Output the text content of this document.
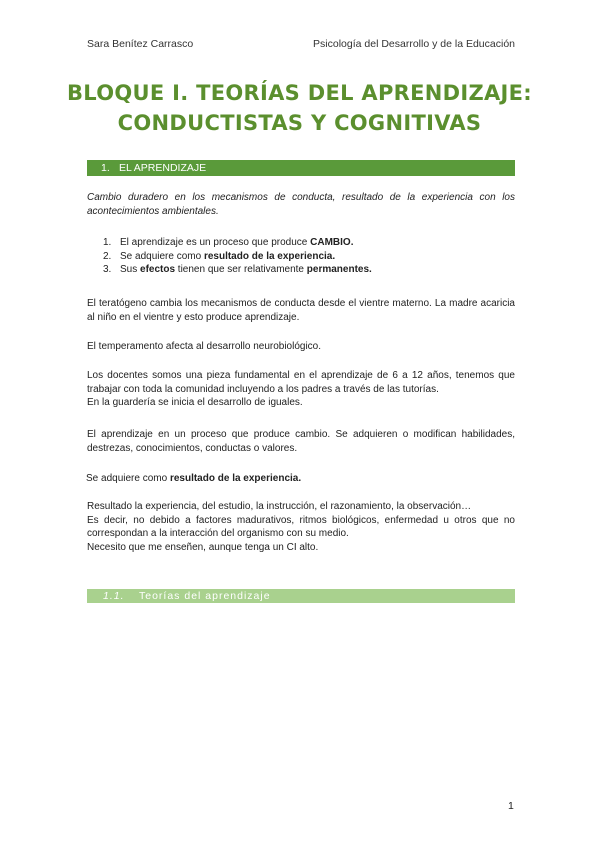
Sara Benítez Carrasco	Psicología del Desarrollo y de la Educación
BLOQUE I. TEORÍAS DEL APRENDIZAJE:
CONDUCTISTAS Y COGNITIVAS
1. EL APRENDIZAJE

Cambio duradero en los mecanismos de conducta, resultado de la experiencia con los acontecimientos ambientales.

1. El aprendizaje es un proceso que produce CAMBIO.
2. Se adquiere como resultado de la experiencia.
3. Sus efectos tienen que ser relativamente permanentes.

El teratógeno cambia los mecanismos de conducta desde el vientre materno. La madre acaricia al niño en el vientre y esto produce aprendizaje.

El temperamento afecta al desarrollo neurobiológico.

Los docentes somos una pieza fundamental en el aprendizaje de 6 a 12 años, tenemos que trabajar con toda la comunidad incluyendo a los padres a través de las tutorías.

En la guardería se inicia el desarrollo de iguales.

El aprendizaje en un proceso que produce cambio. Se adquieren o modifican habilidades, destrezas, conocimientos, conductas o valores.

Se adquiere como resultado de la experiencia.

Resultado la experiencia, del estudio, la instrucción, el razonamiento, la observación…

Es decir, no debido a factores madurativos, ritmos biológicos, enfermedad u otros que no correspondan a la interacción del organismo con su medio.

Necesito que me enseñen, aunque tenga un CI alto.

1.1. Teorías del aprendizaje
1
